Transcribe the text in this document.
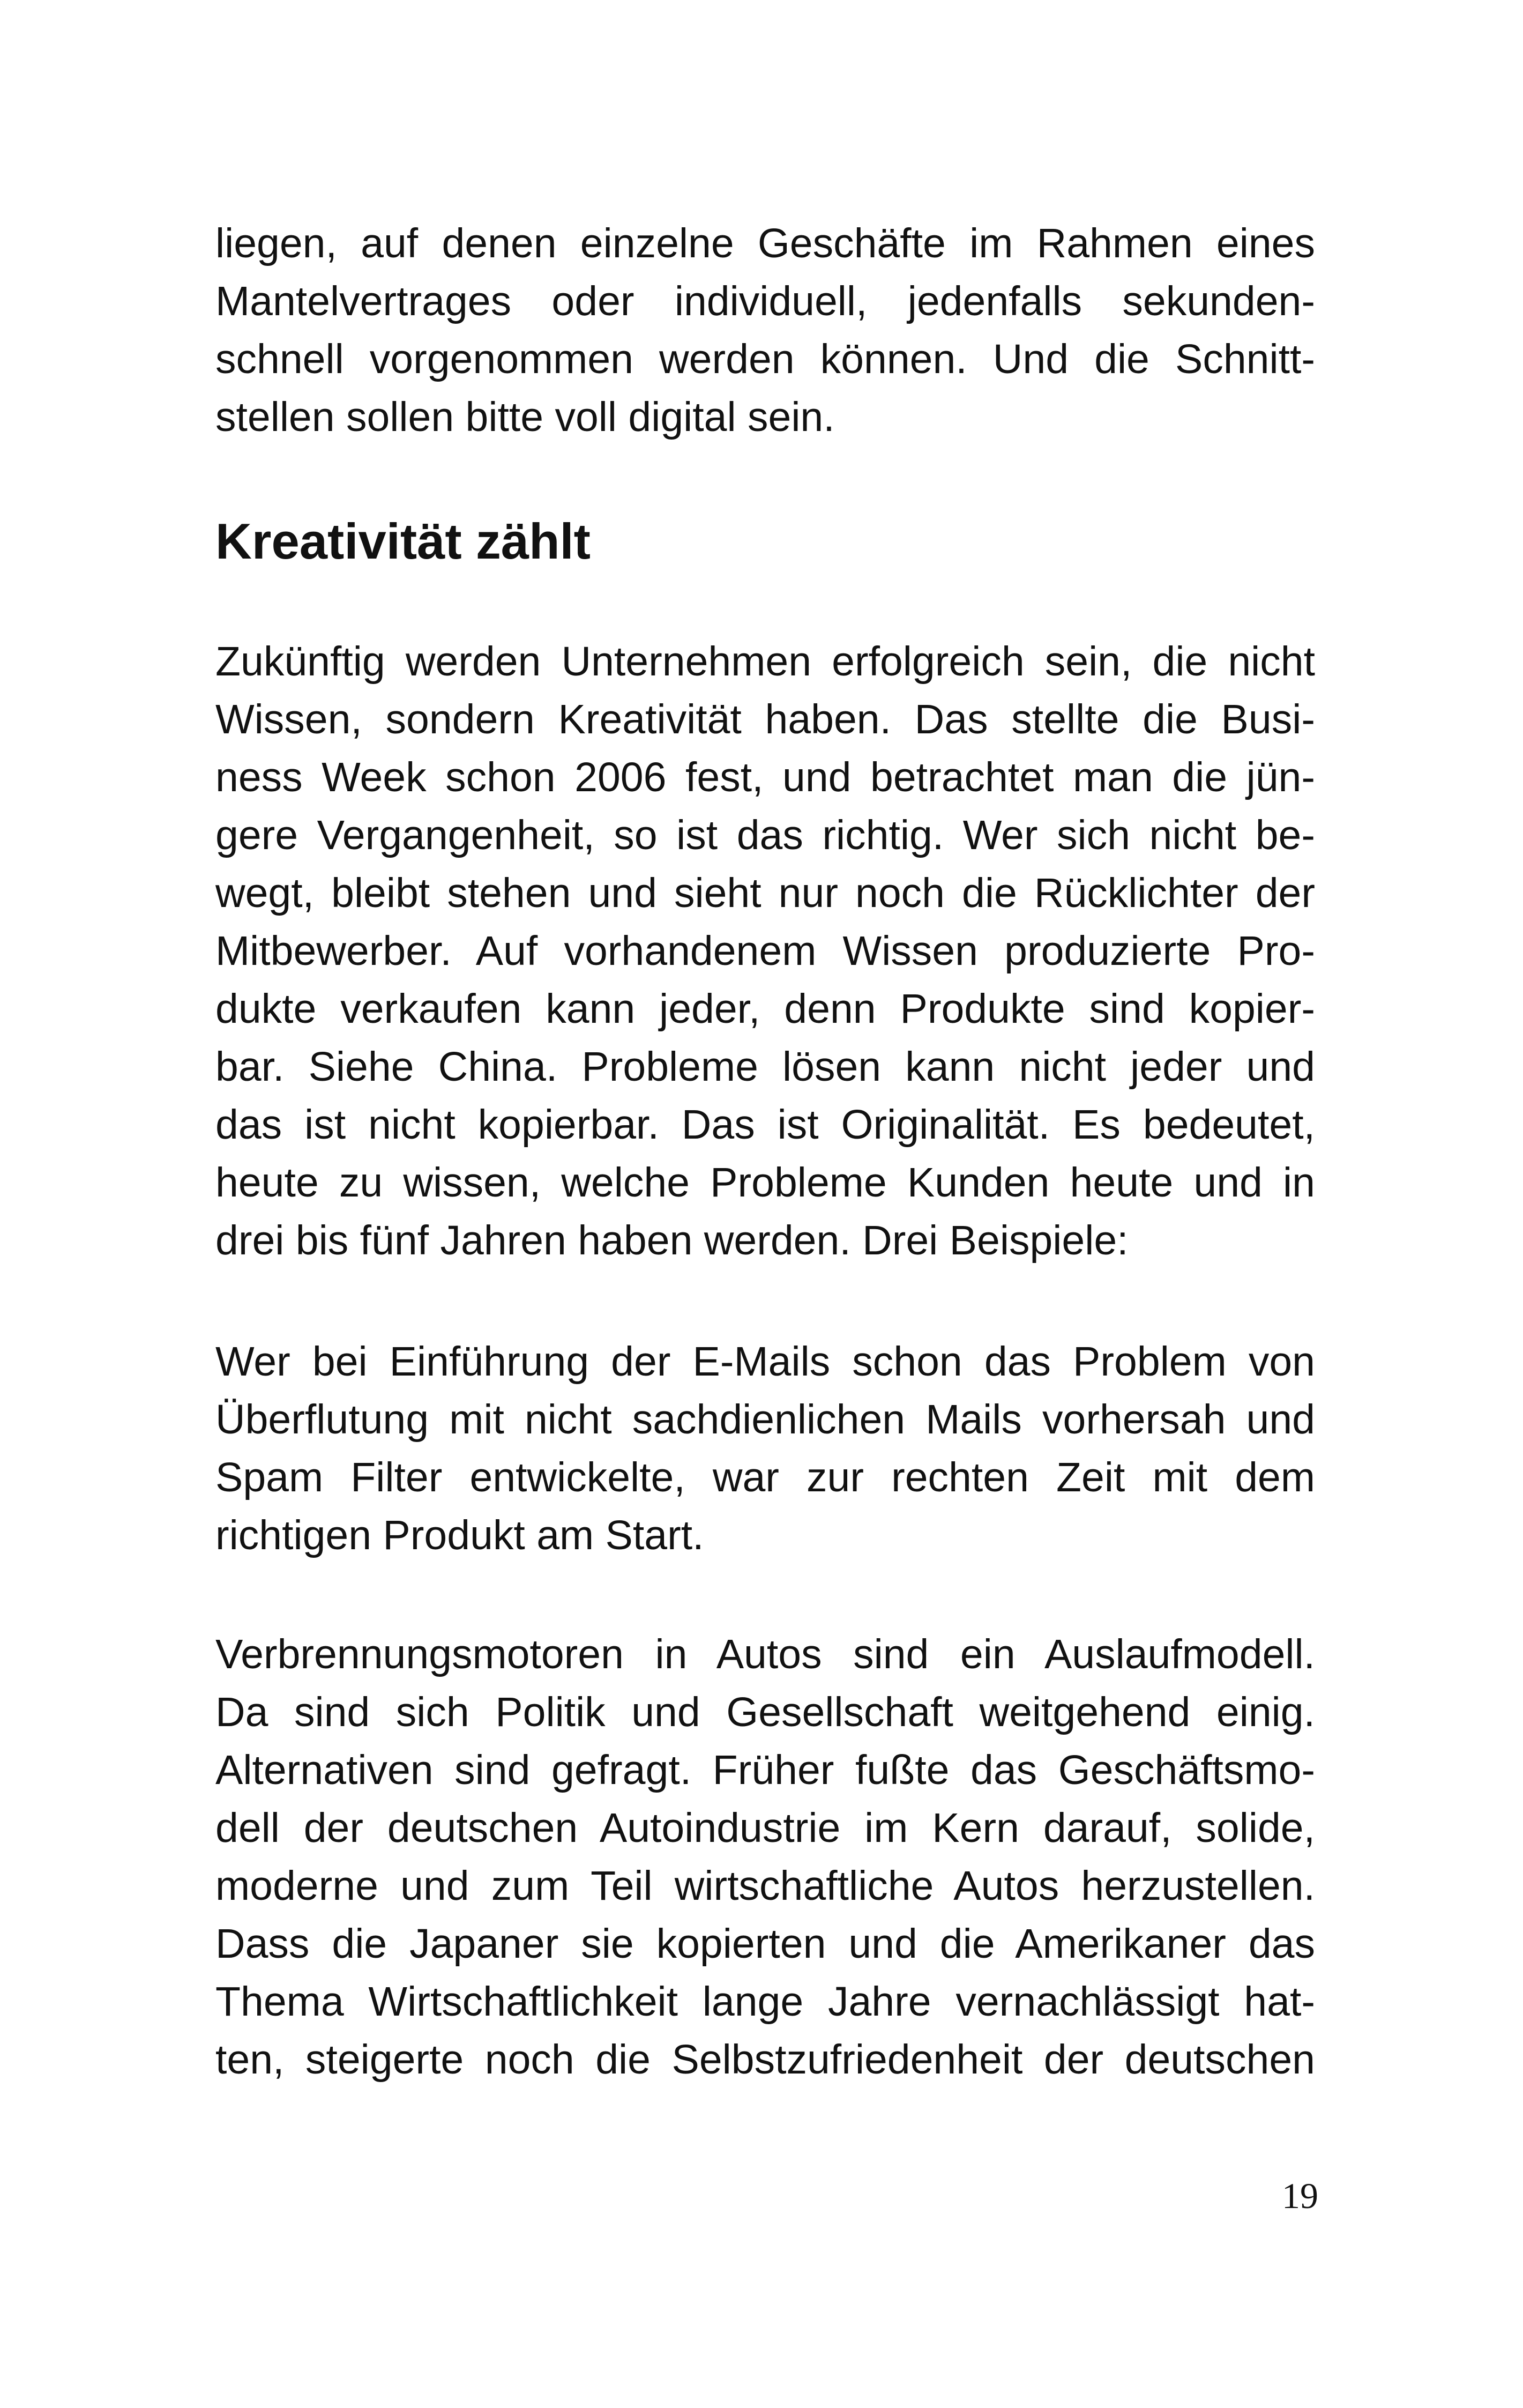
liegen, auf denen einzelne Geschäfte im Rahmen eines
Mantelvertrages oder individuell, jedenfalls sekunden-
schnell vorgenommen werden können. Und die Schnitt-
stellen sollen bitte voll digital sein.
Kreativität zählt
Zukünftig werden Unternehmen erfolgreich sein, die nicht
Wissen, sondern Kreativität haben. Das stellte die Busi-
ness Week schon 2006 fest, und betrachtet man die jün-
gere Vergangenheit, so ist das richtig. Wer sich nicht be-
wegt, bleibt stehen und sieht nur noch die Rücklichter der
Mitbewerber. Auf vorhandenem Wissen produzierte Pro-
dukte verkaufen kann jeder, denn Produkte sind kopier-
bar. Siehe China. Probleme lösen kann nicht jeder und
das ist nicht kopierbar. Das ist Originalität. Es bedeutet,
heute zu wissen, welche Probleme Kunden heute und in
drei bis fünf Jahren haben werden. Drei Beispiele:
Wer bei Einführung der E-Mails schon das Problem von
Überflutung mit nicht sachdienlichen Mails vorhersah und
Spam Filter entwickelte, war zur rechten Zeit mit dem
richtigen Produkt am Start.
Verbrennungsmotoren in Autos sind ein Auslaufmodell.
Da sind sich Politik und Gesellschaft weitgehend einig.
Alternativen sind gefragt. Früher fußte das Geschäftsmo-
dell der deutschen Autoindustrie im Kern darauf, solide,
moderne und zum Teil wirtschaftliche Autos herzustellen.
Dass die Japaner sie kopierten und die Amerikaner das
Thema Wirtschaftlichkeit lange Jahre vernachlässigt hat-
ten, steigerte noch die Selbstzufriedenheit der deutschen
19
